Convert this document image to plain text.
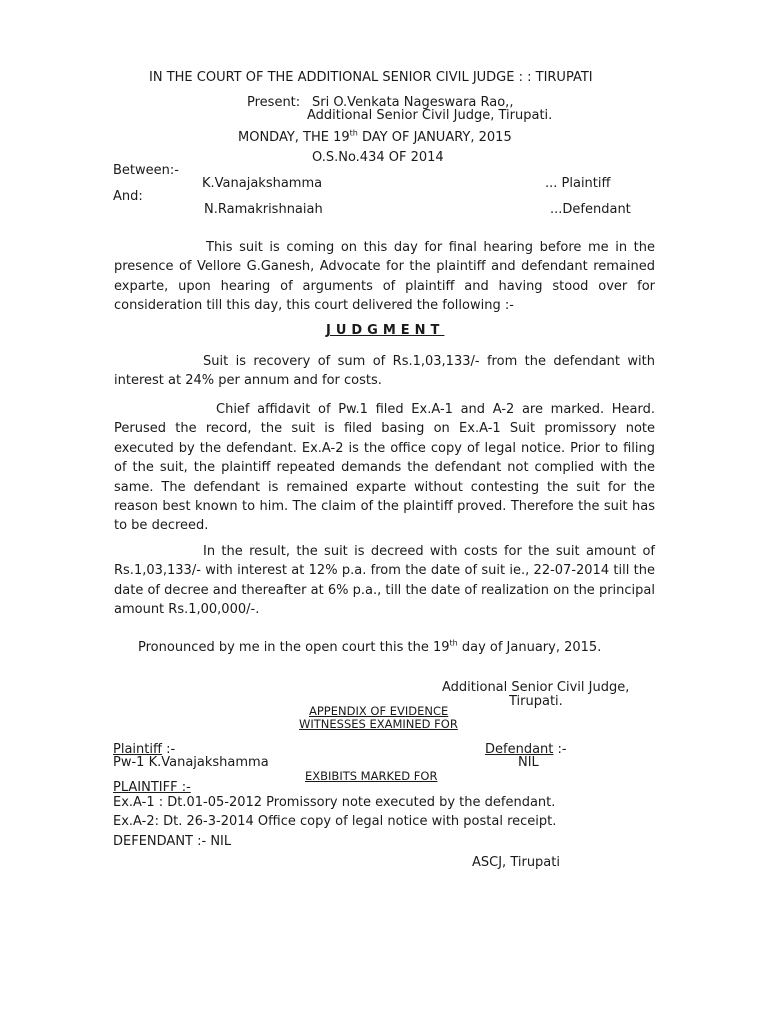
IN THE COURT OF THE ADDITIONAL SENIOR CIVIL JUDGE : : TIRUPATI
Present: Sri O.Venkata Nageswara Rao,,
Additional Senior Civil Judge, Tirupati.
MONDAY, THE 19th DAY OF JANUARY, 2015
O.S.No.434 OF 2014
Between:-
K.Vanajakshamma	... Plaintiff
And:
N.Ramakrishnaiah	...Defendant
This suit is coming on this day for final hearing before me in the presence of Vellore G.Ganesh, Advocate for the plaintiff and defendant remained exparte, upon hearing of arguments of plaintiff and having stood over for consideration till this day, this court delivered the following :-
JUDGMENT
Suit is recovery of sum of Rs.1,03,133/- from the defendant with interest at 24% per annum and for costs.
Chief affidavit of Pw.1 filed Ex.A-1 and A-2 are marked. Heard. Perused the record, the suit is filed basing on Ex.A-1 Suit promissory note executed by the defendant. Ex.A-2 is the office copy of legal notice. Prior to filing of the suit, the plaintiff repeated demands the defendant not complied with the same. The defendant is remained exparte without contesting the suit for the reason best known to him. The claim of the plaintiff proved. Therefore the suit has to be decreed.
In the result, the suit is decreed with costs for the suit amount of Rs.1,03,133/- with interest at 12% p.a. from the date of suit ie., 22-07-2014 till the date of decree and thereafter at 6% p.a., till the date of realization on the principal amount Rs.1,00,000/-.
Pronounced by me in the open court this the 19th day of January, 2015.
Additional Senior Civil Judge,
Tirupati.
APPENDIX OF EVIDENCE
WITNESSES EXAMINED FOR
Plaintiff :-	Defendant :-
Pw-1 K.Vanajakshamma	NIL
EXBIBITS MARKED FOR
PLAINTIFF :-
Ex.A-1 : Dt.01-05-2012 Promissory note executed by the defendant.
Ex.A-2: Dt. 26-3-2014 Office copy of legal notice with postal receipt.
DEFENDANT :- NIL
ASCJ, Tirupati
